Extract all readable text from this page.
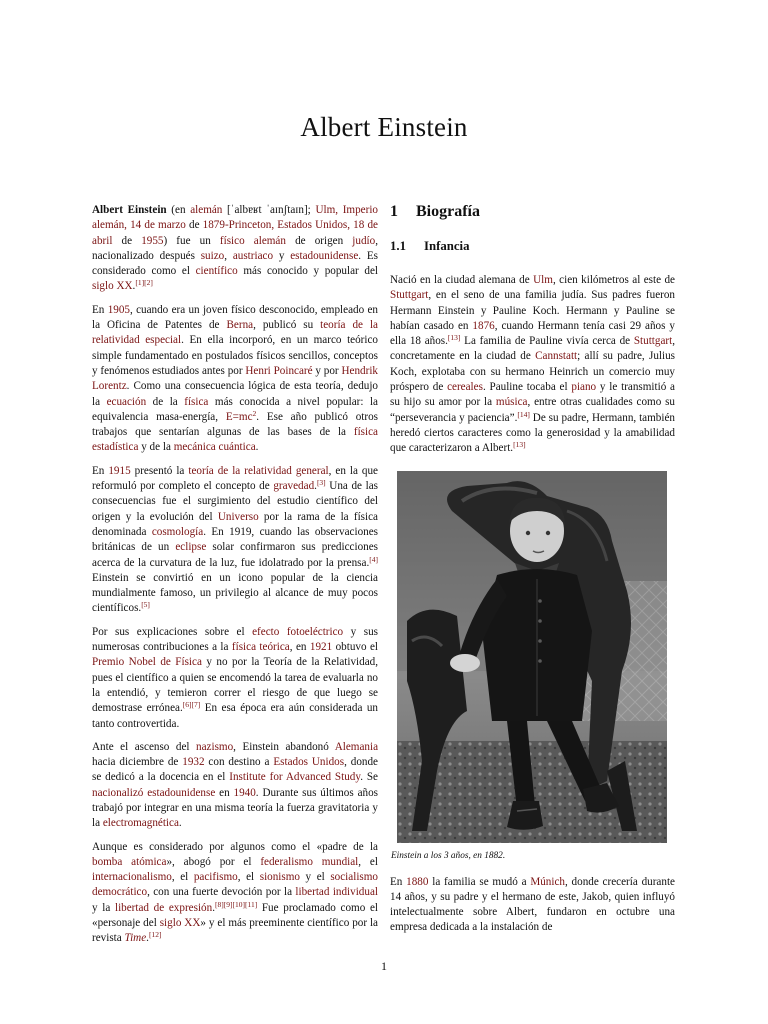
Albert Einstein

Albert Einstein (en alemán [ˈalbɐʁt ˈaɪnʃtaɪn]; Ulm, Imperio alemán, 14 de marzo de 1879-Princeton, Estados Unidos, 18 de abril de 1955) fue un físico alemán de origen judío, nacionalizado después suizo, austriaco y estadounidense. Es considerado como el científico más conocido y popular del siglo XX.[1][2]

En 1905, cuando era un joven físico desconocido, empleado en la Oficina de Patentes de Berna, publicó su teoría de la relatividad especial. En ella incorporó, en un marco teórico simple fundamentado en postulados físicos sencillos, conceptos y fenómenos estudiados antes por Henri Poincaré y por Hendrik Lorentz. Como una consecuencia lógica de esta teoría, dedujo la ecuación de la física más conocida a nivel popular: la equivalencia masa-energía, $E=mc^2$. Ese año publicó otros trabajos que sentarían algunas de las bases de la física estadística y de la mecánica cuántica.

En 1915 presentó la teoría de la relatividad general, en la que reformuló por completo el concepto de gravedad.[3] Una de las consecuencias fue el surgimiento del estudio científico del origen y la evolución del Universo por la rama de la física denominada cosmología. En 1919, cuando las observaciones británicas de un eclipse solar confirmaron sus predicciones acerca de la curvatura de la luz, fue idolatrado por la prensa.[4] Einstein se convirtió en un icono popular de la ciencia mundialmente famoso, un privilegio al alcance de muy pocos científicos.[5]

Por sus explicaciones sobre el efecto fotoeléctrico y sus numerosas contribuciones a la física teórica, en 1921 obtuvo el Premio Nobel de Física y no por la Teoría de la Relatividad, pues el científico a quien se encomendó la tarea de evaluarla no la entendió, y temieron correr el riesgo de que luego se demostrase errónea.[6][7] En esa época era aún considerada un tanto controvertida.

Ante el ascenso del nazismo, Einstein abandonó Alemania hacia diciembre de 1932 con destino a Estados Unidos, donde se dedicó a la docencia en el Institute for Advanced Study. Se nacionalizó estadounidense en 1940. Durante sus últimos años trabajó por integrar en una misma teoría la fuerza gravitatoria y la electromagnética.

Aunque es considerado por algunos como el «padre de la bomba atómica», abogó por el federalismo mundial, el internacionalismo, el pacifismo, el sionismo y el socialismo democrático, con una fuerte devoción por la libertad individual y la libertad de expresión.[8][9][10][11] Fue proclamado como el «personaje del siglo XX» y el más preeminente científico por la revista Time.[12]

1 Biografía
1.1 Infancia

Nació en la ciudad alemana de Ulm, cien kilómetros al este de Stuttgart, en el seno de una familia judía. Sus padres fueron Hermann Einstein y Pauline Koch. Hermann y Pauline se habían casado en 1876, cuando Hermann tenía casi 29 años y ella 18 años.[13] La familia de Pauline vivía cerca de Stuttgart, concretamente en la ciudad de Cannstatt; allí su padre, Julius Koch, explotaba con su hermano Heinrich un comercio muy próspero de cereales. Pauline tocaba el piano y le transmitió a su hijo su amor por la música, entre otras cualidades como su “perseverancia y paciencia”.[14] De su padre, Hermann, también heredó ciertos caracteres como la generosidad y la amabilidad que caracterizaron a Albert.[13]

Einstein a los 3 años, en 1882.

En 1880 la familia se mudó a Múnich, donde crecería durante 14 años, y su padre y el hermano de este, Jakob, quien influyó intelectualmente sobre Albert, fundaron en octubre una empresa dedicada a la instalación de

1
